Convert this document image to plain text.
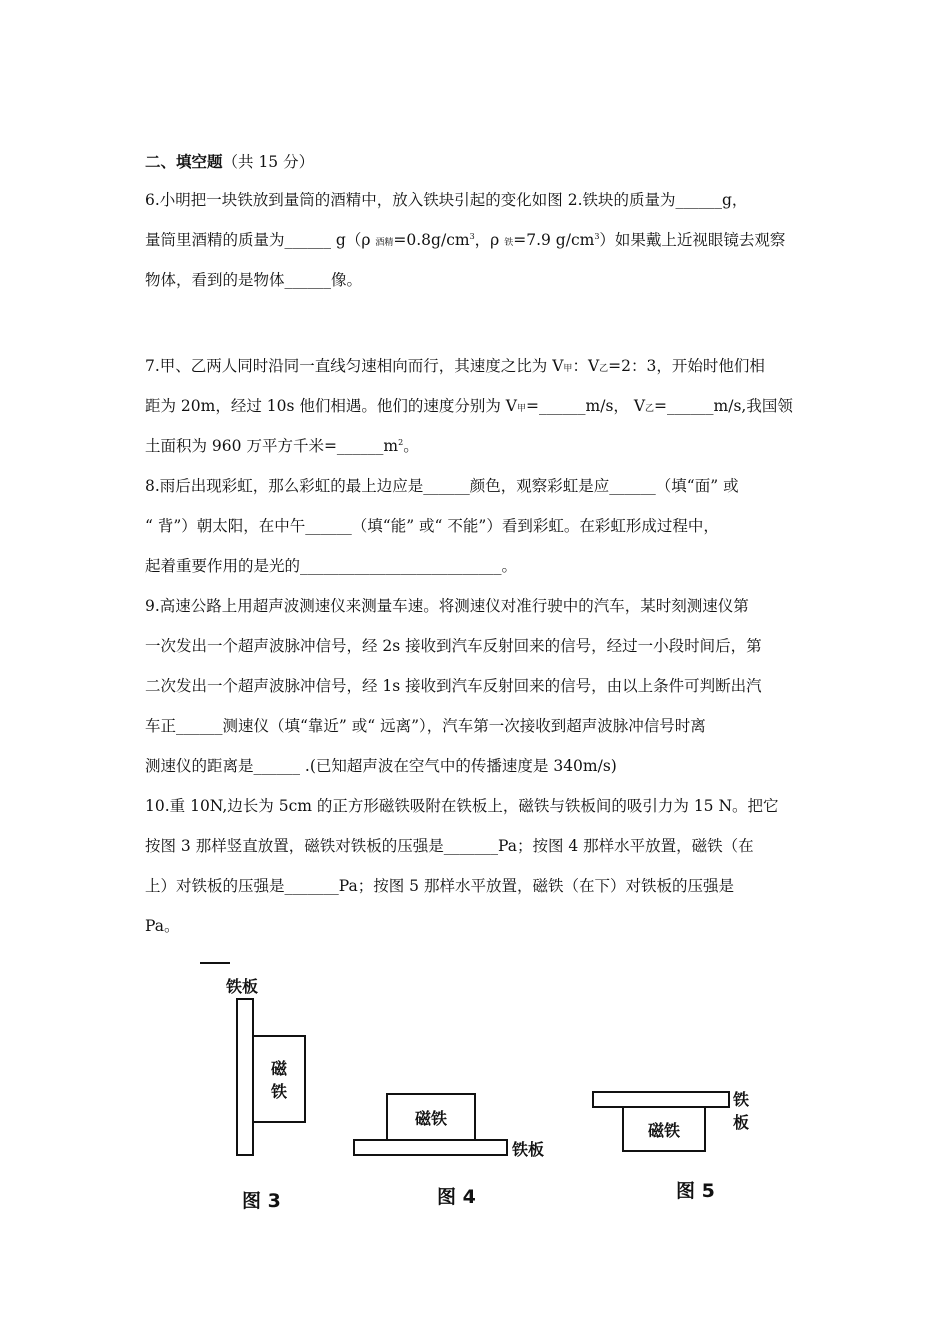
二、填空题（共 15 分）
6.小明把一块铁放到量筒的酒精中，放入铁块引起的变化如图 2.铁块的质量为______g，
量筒里酒精的质量为______ g（ρ 酒精$=0.8g/cm^3$，ρ 铁=7.9 $g/cm^3$）如果戴上近视眼镜去观察
物体，看到的是物体______像。
7.甲、乙两人同时沿同一直线匀速相向而行，其速度之比为 V甲：V乙=2：3，开始时他们相
距为 20m，经过 10s 他们相遇。他们的速度分别为 V甲=______m/s， V乙=______m/s,我国领
土面积为 960 万平方千米$=\_\_\_\_\_\_m^2$。
8.雨后出现彩虹，那么彩虹的最上边应是______颜色，观察彩虹是应______（填“面” 或
“ 背”）朝太阳，在中午______（填“能” 或“ 不能”）看到彩虹。在彩虹形成过程中，
起着重要作用的是光的__________________________。
9.高速公路上用超声波测速仪来测量车速。将测速仪对准行驶中的汽车，某时刻测速仪第
一次发出一个超声波脉冲信号，经 2s 接收到汽车反射回来的信号，经过一小段时间后，第
二次发出一个超声波脉冲信号，经 1s 接收到汽车反射回来的信号，由以上条件可判断出汽
车正______测速仪（填“靠近” 或“ 远离”），汽车第一次接收到超声波脉冲信号时离
测速仪的距离是______ .(已知超声波在空气中的传播速度是 340m/s)
10.重 10N,边长为 5cm 的正方形磁铁吸附在铁板上，磁铁与铁板间的吸引力为 15 N。把它
按图 3 那样竖直放置，磁铁对铁板的压强是_______Pa；按图 4 那样水平放置，磁铁（在
上）对铁板的压强是_______Pa；按图 5 那样水平放置，磁铁（在下）对铁板的压强是
Pa。
铁板
磁
铁
图 3
磁铁
铁板
图 4
铁板
磁铁
图 5
